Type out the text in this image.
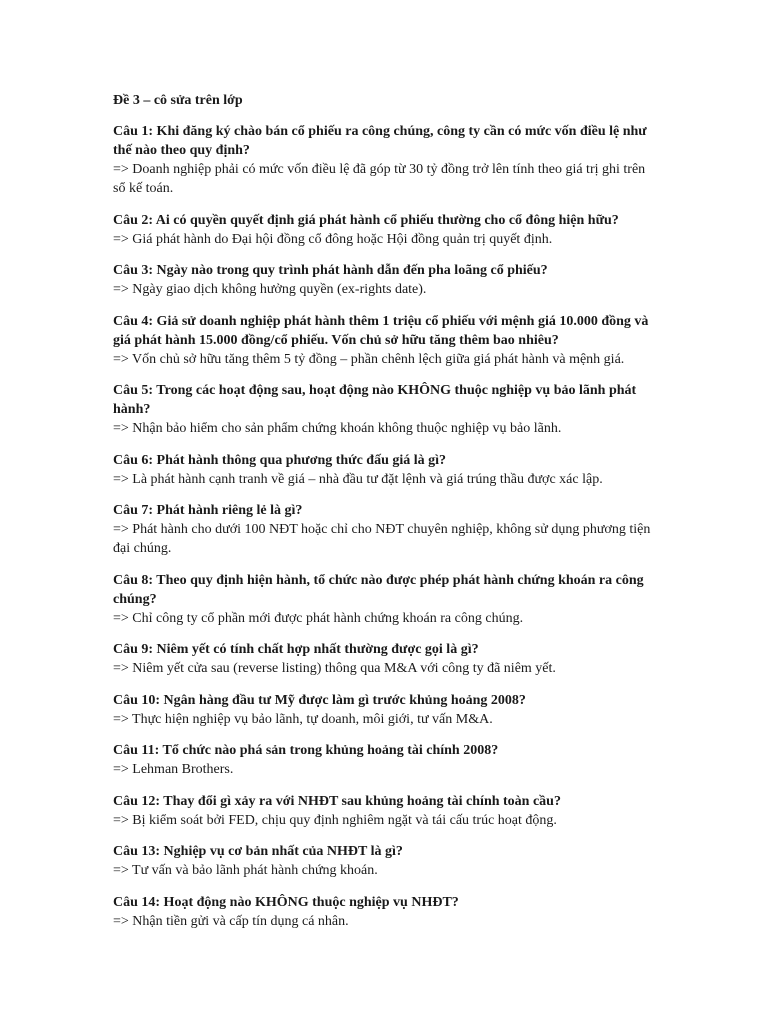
Đề 3 – cô sửa trên lớp

Câu 1: Khi đăng ký chào bán cổ phiếu ra công chúng, công ty cần có mức vốn điều lệ như thế nào theo quy định?

=> Doanh nghiệp phải có mức vốn điều lệ đã góp từ 30 tỷ đồng trở lên tính theo giá trị ghi trên sổ kế toán.

Câu 2: Ai có quyền quyết định giá phát hành cổ phiếu thường cho cổ đông hiện hữu?

=> Giá phát hành do Đại hội đồng cổ đông hoặc Hội đồng quản trị quyết định.

Câu 3: Ngày nào trong quy trình phát hành dẫn đến pha loãng cổ phiếu?

=> Ngày giao dịch không hưởng quyền (ex-rights date).

Câu 4: Giả sử doanh nghiệp phát hành thêm 1 triệu cổ phiếu với mệnh giá 10.000 đồng và giá phát hành 15.000 đồng/cổ phiếu. Vốn chủ sở hữu tăng thêm bao nhiêu?

=> Vốn chủ sở hữu tăng thêm 5 tỷ đồng – phần chênh lệch giữa giá phát hành và mệnh giá.

Câu 5: Trong các hoạt động sau, hoạt động nào KHÔNG thuộc nghiệp vụ bảo lãnh phát hành?

=> Nhận bảo hiểm cho sản phẩm chứng khoán không thuộc nghiệp vụ bảo lãnh.

Câu 6: Phát hành thông qua phương thức đấu giá là gì?

=> Là phát hành cạnh tranh về giá – nhà đầu tư đặt lệnh và giá trúng thầu được xác lập.

Câu 7: Phát hành riêng lẻ là gì?

=> Phát hành cho dưới 100 NĐT hoặc chỉ cho NĐT chuyên nghiệp, không sử dụng phương tiện đại chúng.

Câu 8: Theo quy định hiện hành, tổ chức nào được phép phát hành chứng khoán ra công chúng?

=> Chỉ công ty cổ phần mới được phát hành chứng khoán ra công chúng.

Câu 9: Niêm yết có tính chất hợp nhất thường được gọi là gì?

=> Niêm yết cửa sau (reverse listing) thông qua M&A với công ty đã niêm yết.

Câu 10: Ngân hàng đầu tư Mỹ được làm gì trước khủng hoảng 2008?

=> Thực hiện nghiệp vụ bảo lãnh, tự doanh, môi giới, tư vấn M&A.

Câu 11: Tổ chức nào phá sản trong khủng hoảng tài chính 2008?

=> Lehman Brothers.

Câu 12: Thay đổi gì xảy ra với NHĐT sau khủng hoảng tài chính toàn cầu?

=> Bị kiểm soát bởi FED, chịu quy định nghiêm ngặt và tái cấu trúc hoạt động.

Câu 13: Nghiệp vụ cơ bản nhất của NHĐT là gì?

=> Tư vấn và bảo lãnh phát hành chứng khoán.

Câu 14: Hoạt động nào KHÔNG thuộc nghiệp vụ NHĐT?

=> Nhận tiền gửi và cấp tín dụng cá nhân.
